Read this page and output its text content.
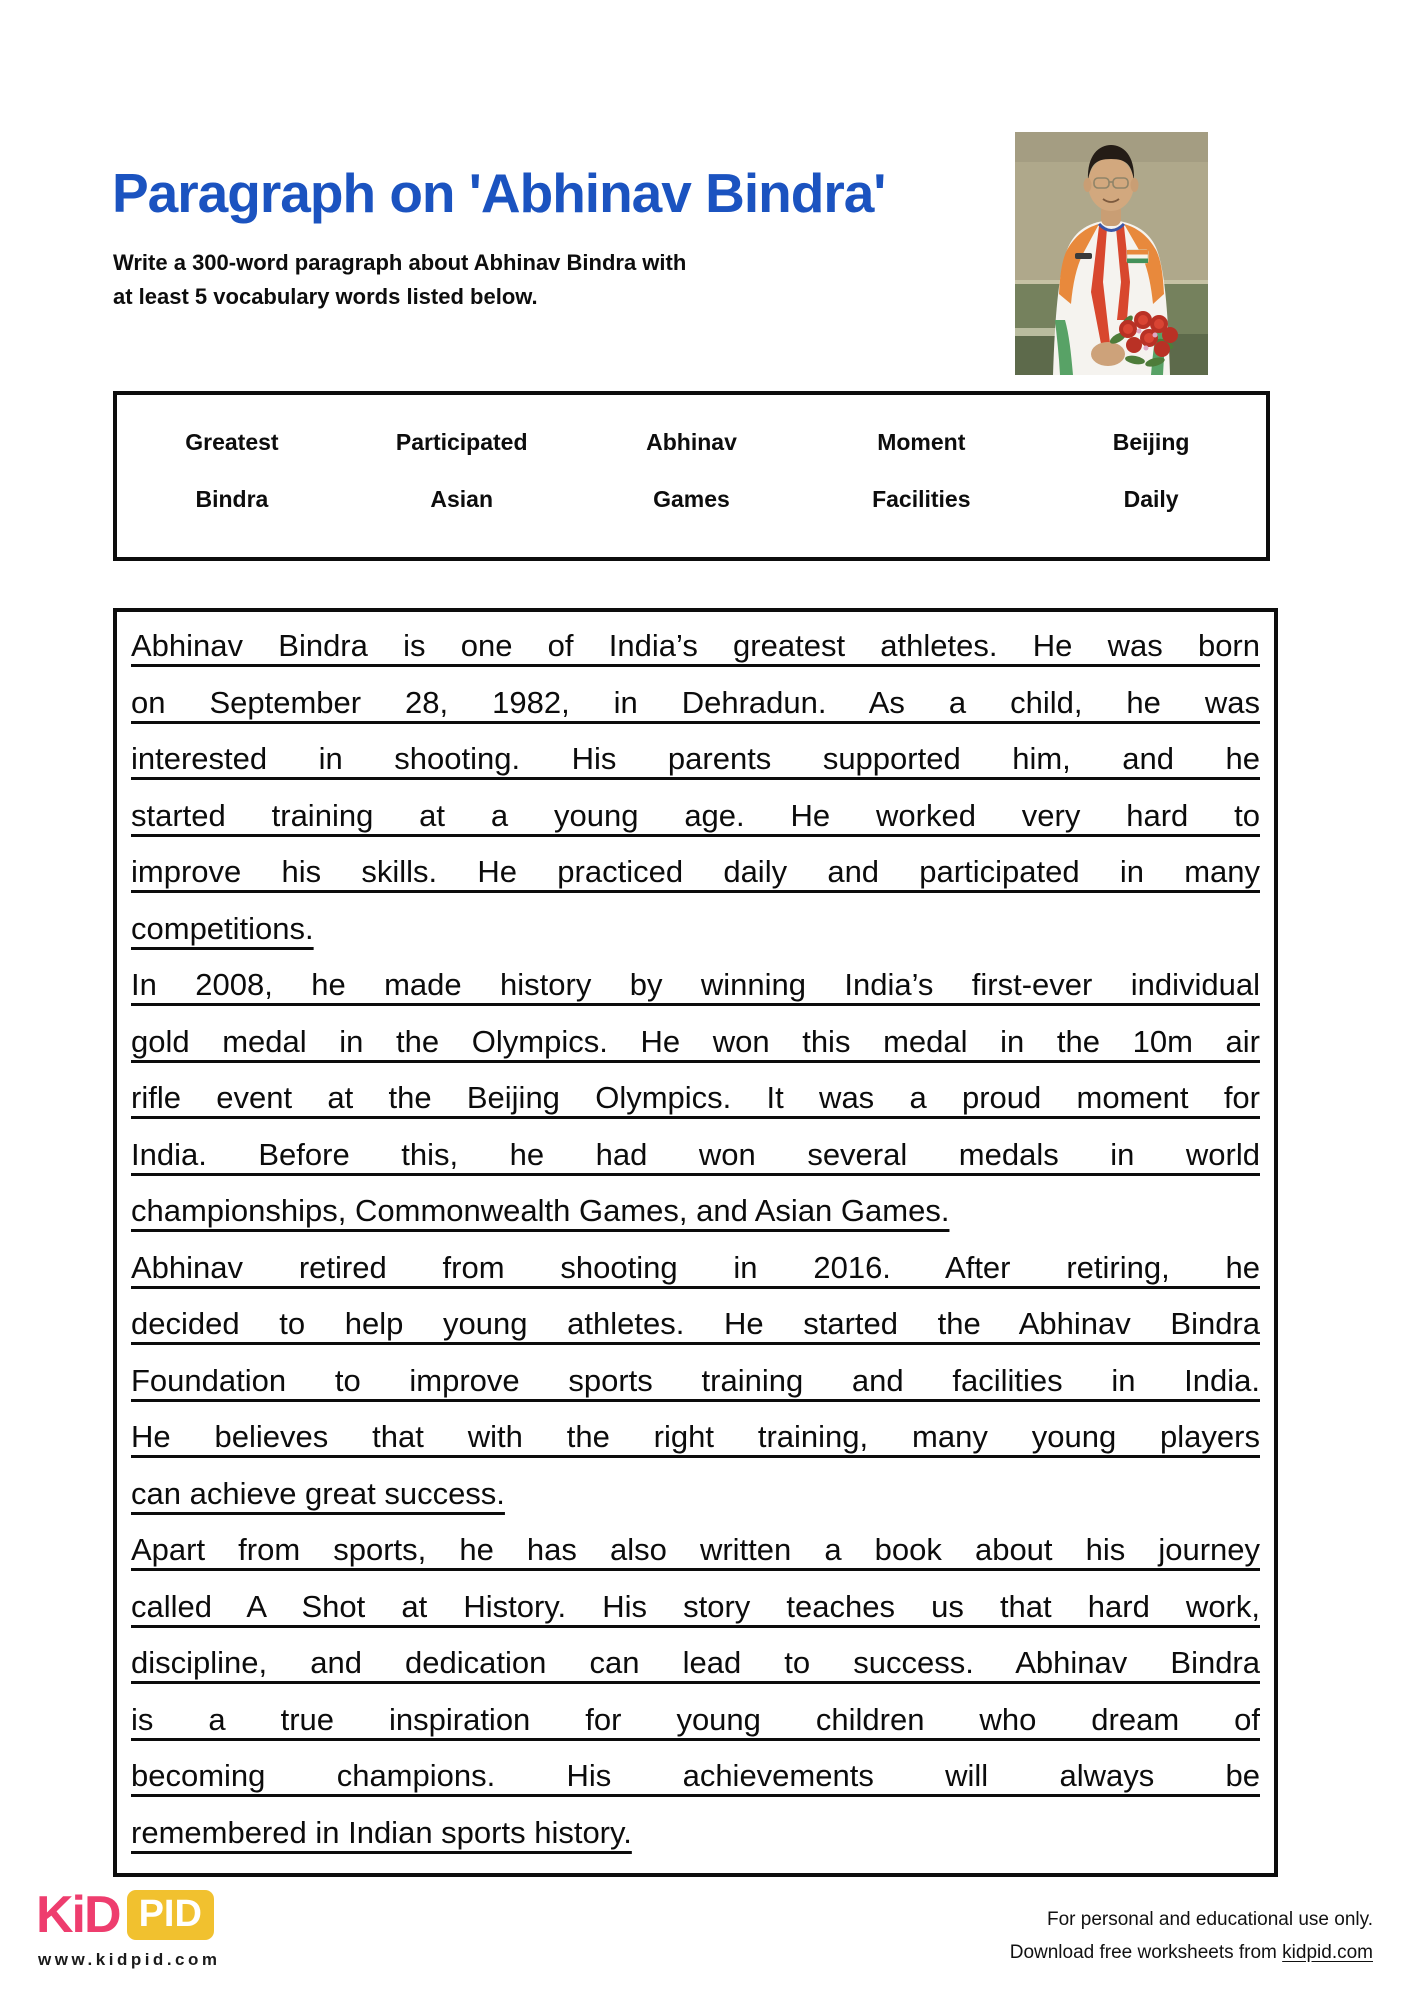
Paragraph on 'Abhinav Bindra'
Write a 300-word paragraph about Abhinav Bindra with
at least 5 vocabulary words listed below.
Greatest	Participated	Abhinav	Moment	Beijing
Bindra	Asian	Games	Facilities	Daily
Abhinav Bindra is one of India’s greatest athletes. He was born
on September 28, 1982, in Dehradun. As a child, he was
interested in shooting. His parents supported him, and he
started training at a young age. He worked very hard to
improve his skills. He practiced daily and participated in many
competitions.
In 2008, he made history by winning India’s first-ever individual
gold medal in the Olympics. He won this medal in the 10m air
rifle event at the Beijing Olympics. It was a proud moment for
India. Before this, he had won several medals in world
championships, Commonwealth Games, and Asian Games.
Abhinav retired from shooting in 2016. After retiring, he
decided to help young athletes. He started the Abhinav Bindra
Foundation to improve sports training and facilities in India.
He believes that with the right training, many young players
can achieve great success.
Apart from sports, he has also written a book about his journey
called A Shot at History. His story teaches us that hard work,
discipline, and dedication can lead to success. Abhinav Bindra
is a true inspiration for young children who dream of
becoming champions. His achievements will always be
remembered in Indian sports history.
KiD PID
www.kidpid.com
For personal and educational use only.
Download free worksheets from kidpid.com
